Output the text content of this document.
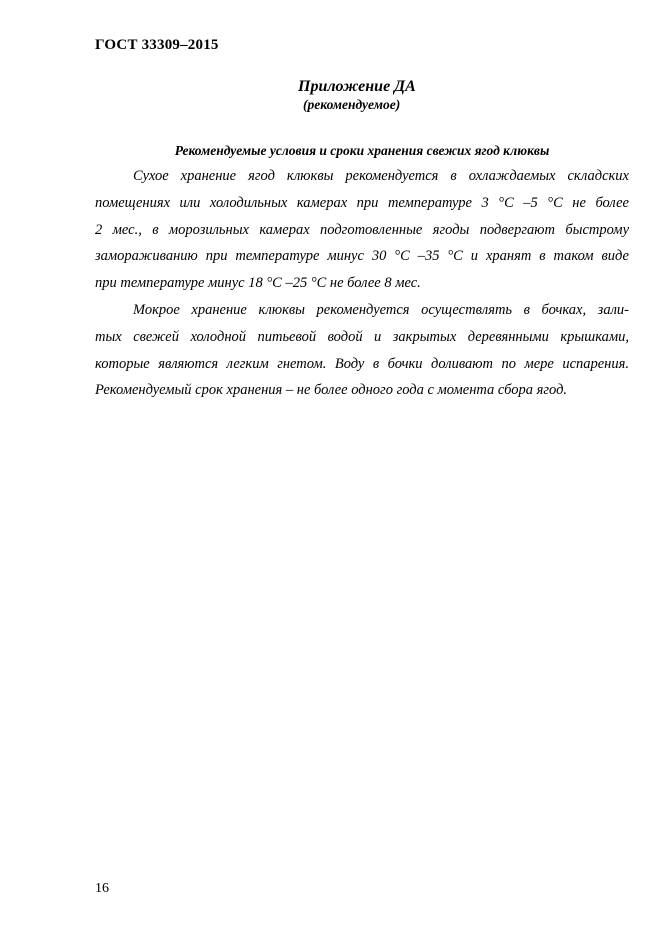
ГОСТ 33309–2015
Приложение ДА
(рекомендуемое)
Рекомендуемые условия и сроки хранения свежих ягод клюквы

Сухое хранение ягод клюквы рекомендуется в охлаждаемых складских
помещениях или холодильных камерах при температуре 3 °С –5 °С не более
2 мес., в морозильных камерах подготовленные ягоды подвергают быстрому
замораживанию при температуре минус 30 °С –35 °С и хранят в таком виде
при температуре минус 18 °С –25 °С не более 8 мес.

Мокрое хранение клюквы рекомендуется осуществлять в бочках, зали-
тых свежей холодной питьевой водой и закрытых деревянными крышками,
которые являются легким гнетом. Воду в бочки доливают по мере испарения.
Рекомендуемый срок хранения – не более одного года с момента сбора ягод.

16
